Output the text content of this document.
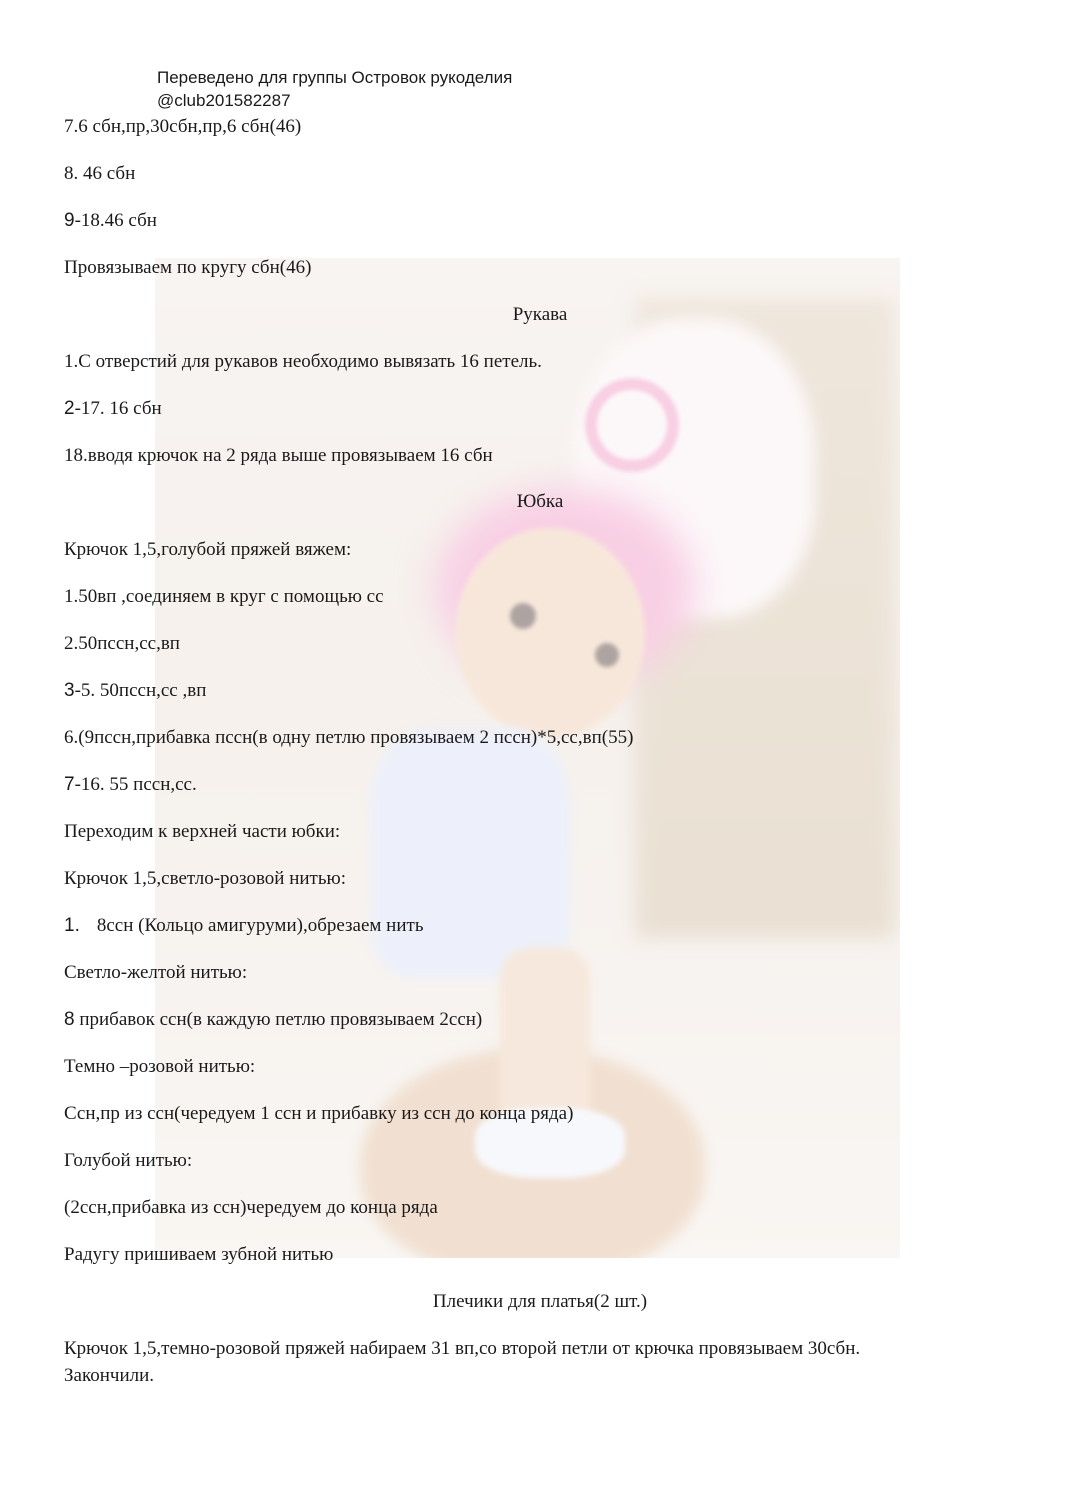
Переведено для группы Островок рукоделия
@club201582287
7.6 сбн,пр,30сбн,пр,6 сбн(46)
8. 46 сбн
9-18.46 сбн
Провязываем по кругу сбн(46)
Рукава
1.С отверстий для рукавов необходимо вывязать 16 петель.
2-17. 16 сбн
18.вводя крючок на 2 ряда выше провязываем 16 сбн
Юбка
Крючок 1,5,голубой пряжей вяжем:
1.50вп ,соединяем в круг с помощью сс
2.50пссн,сс,вп
3-5. 50пссн,сс ,вп
6.(9пссн,прибавка пссн(в одну петлю провязываем 2 пссн)*5,сс,вп(55)
7-16. 55 пссн,сс.
Переходим к верхней части юбки:
Крючок 1,5,светло-розовой нитью:
1. 8ссн (Кольцо амигуруми),обрезаем нить
Светло-желтой нитью:
8 прибавок ссн(в каждую петлю провязываем 2ссн)
Темно –розовой нитью:
Ссн,пр из ссн(чередуем 1 ссн и прибавку из ссн до конца ряда)
Голубой нитью:
(2ссн,прибавка из ссн)чередуем до конца ряда
Радугу пришиваем зубной нитью
Плечики для платья(2 шт.)
Крючок 1,5,темно-розовой пряжей набираем 31 вп,со второй петли от крючка провязываем 30сбн.
Закончили.
